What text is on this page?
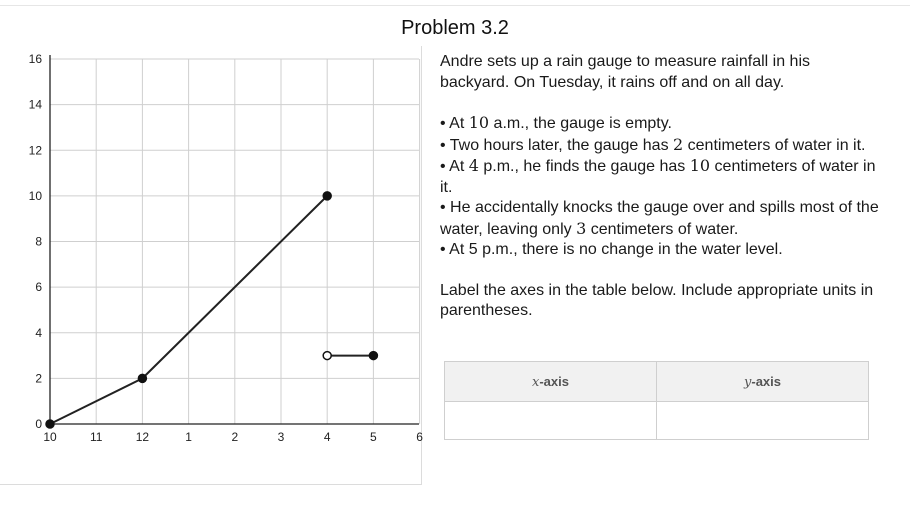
Problem 3.2
0
2
4
6
8
10
12
14
16
10	11	12	1	2	3	4	5	6

Andre sets up a rain gauge to measure rainfall in his backyard. On Tuesday, it rains off and on all day.

• At 10 a.m., the gauge is empty.

• Two hours later, the gauge has 2 centimeters of water in it.

• At 4 p.m., he finds the gauge has 10 centimeters of water in it.

• He accidentally knocks the gauge over and spills most of the water, leaving only 3 centimeters of water.

• At 5 p.m., there is no change in the water level.

Label the axes in the table below. Include appropriate units in parentheses.

x-axis	y-axis
